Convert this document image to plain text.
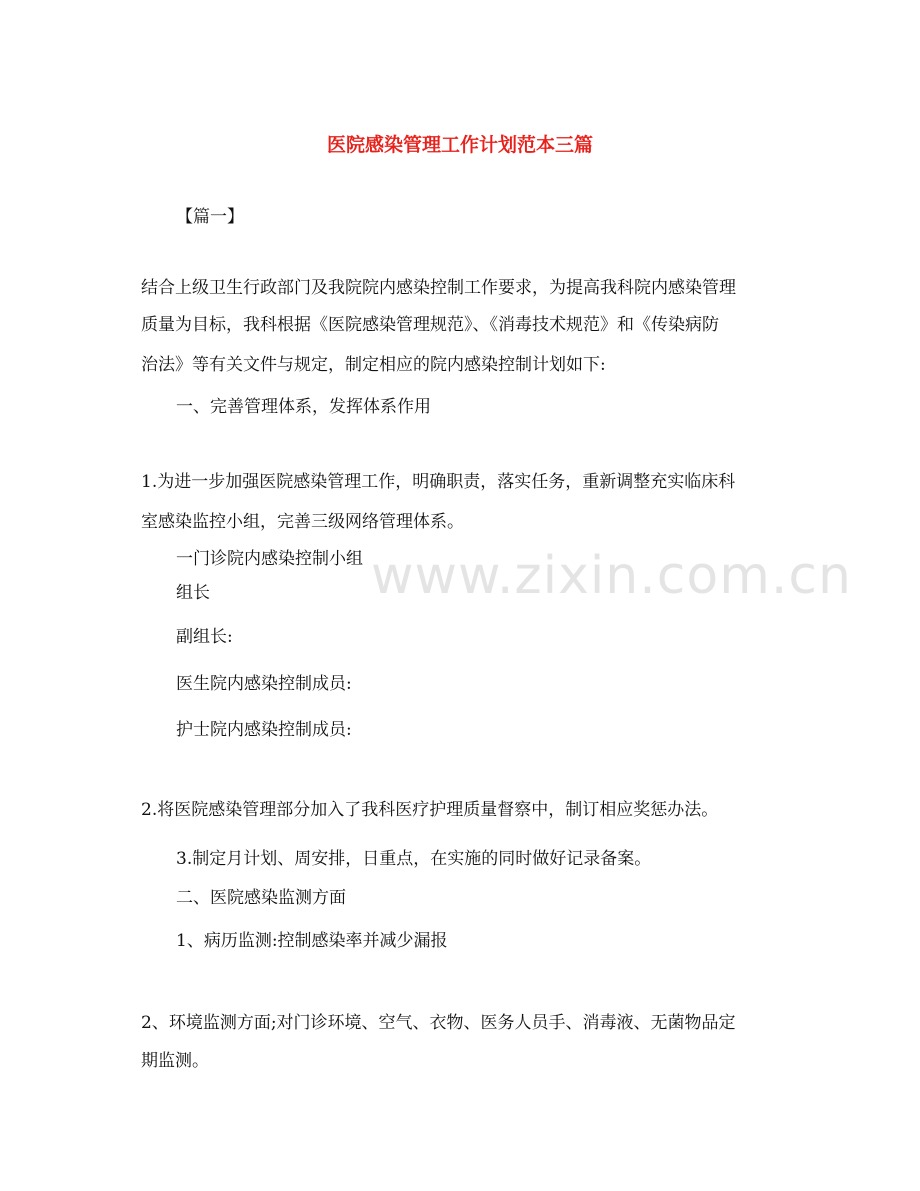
医院感染管理工作计划范本三篇
【篇一】
结合上级卫生行政部门及我院院内感染控制工作要求，为提高我科院内感染管理
质量为目标，我科根据《医院感染管理规范》、《消毒技术规范》和《传染病防
治法》等有关文件与规定，制定相应的院内感染控制计划如下:
一、完善管理体系，发挥体系作用
1.为进一步加强医院感染管理工作，明确职责，落实任务，重新调整充实临床科
室感染监控小组，完善三级网络管理体系。
一门诊院内感染控制小组
组长
副组长:
医生院内感染控制成员:
护士院内感染控制成员:
2.将医院感染管理部分加入了我科医疗护理质量督察中，制订相应奖惩办法。
3.制定月计划、周安排，日重点，在实施的同时做好记录备案。
二、医院感染监测方面
1、病历监测:控制感染率并减少漏报
2、环境监测方面;对门诊环境、空气、衣物、医务人员手、消毒液、无菌物品定
期监测。
www.zixin.com.cn
